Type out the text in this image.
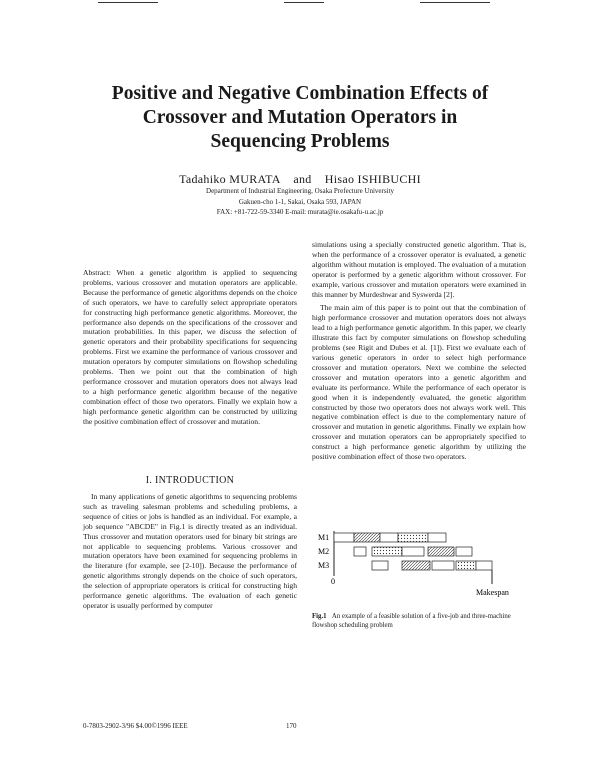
Positive and Negative Combination Effects of
Crossover and Mutation Operators in
Sequencing Problems
Tadahiko MURATA and Hisao ISHIBUCHI
Department of Industrial Engineering, Osaka Prefecture University
Gakuen-cho 1-1, Sakai, Osaka 593, JAPAN
FAX: +81-722-59-3340 E-mail: murata@ie.osakafu-u.ac.jp

Abstract: When a genetic algorithm is applied to sequencing problems, various crossover and mutation operators are applicable. Because the performance of genetic algorithms depends on the choice of such operators, we have to carefully select appropriate operators for constructing high performance genetic algorithms. Moreover, the performance also depends on the specifications of the crossover and mutation probabilities. In this paper, we discuss the selection of genetic operators and their probability specifications for sequencing problems. First we examine the performance of various crossover and mutation operators by computer simulations on flowshop scheduling problems. Then we point out that the combination of high performance crossover and mutation operators does not always lead to a high performance genetic algorithm because of the negative combination effect of those two operators. Finally we explain how a high performance genetic algorithm can be constructed by utilizing the positive combination effect of crossover and mutation.

I. INTRODUCTION

In many applications of genetic algorithms to sequencing problems such as traveling salesman problems and scheduling problems, a sequence of cities or jobs is handled as an individual. For example, a job sequence "ABCDE" in Fig.1 is directly treated as an individual. Thus crossover and mutation operators used for binary bit strings are not applicable to sequencing problems. Various crossover and mutation operators have been examined for sequencing problems in the literature (for example, see [2-10]). Because the performance of genetic algorithms strongly depends on the choice of such operators, the selection of appropriate operators is critical for constructing high performance genetic algorithms. The evaluation of each genetic operator is usually performed by computer

simulations using a specially constructed genetic algorithm. That is, when the performance of a crossover operator is evaluated, a genetic algorithm without mutation is employed. The evaluation of a mutation operator is performed by a genetic algorithm without crossover. For example, various crossover and mutation operators were examined in this manner by Murdeshwar and Syswerda [2].

The main aim of this paper is to point out that the combination of high performance crossover and mutation operators does not always lead to a high performance genetic algorithm. In this paper, we clearly illustrate this fact by computer simulations on flowshop scheduling problems (see Rigit and Dubes et al. [1]). First we evaluate each of various genetic operators in order to select high performance crossover and mutation operators. Next we combine the selected crossover and mutation operators into a genetic algorithm and evaluate its performance. While the performance of each operator is good when it is independently evaluated, the genetic algorithm constructed by those two operators does not always work well. This negative combination effect is due to the complementary nature of crossover and mutation in genetic algorithms. Finally we explain how crossover and mutation operators can be appropriately specified to construct a high performance genetic algorithm by utilizing the positive combination effect of those two operators.

M1
M2
M3
0
Makespan
Fig.1 An example of a feasible solution of a five-job and three-machine flowshop scheduling problem
0-7803-2902-3/96 $4.00©1996 IEEE	170
